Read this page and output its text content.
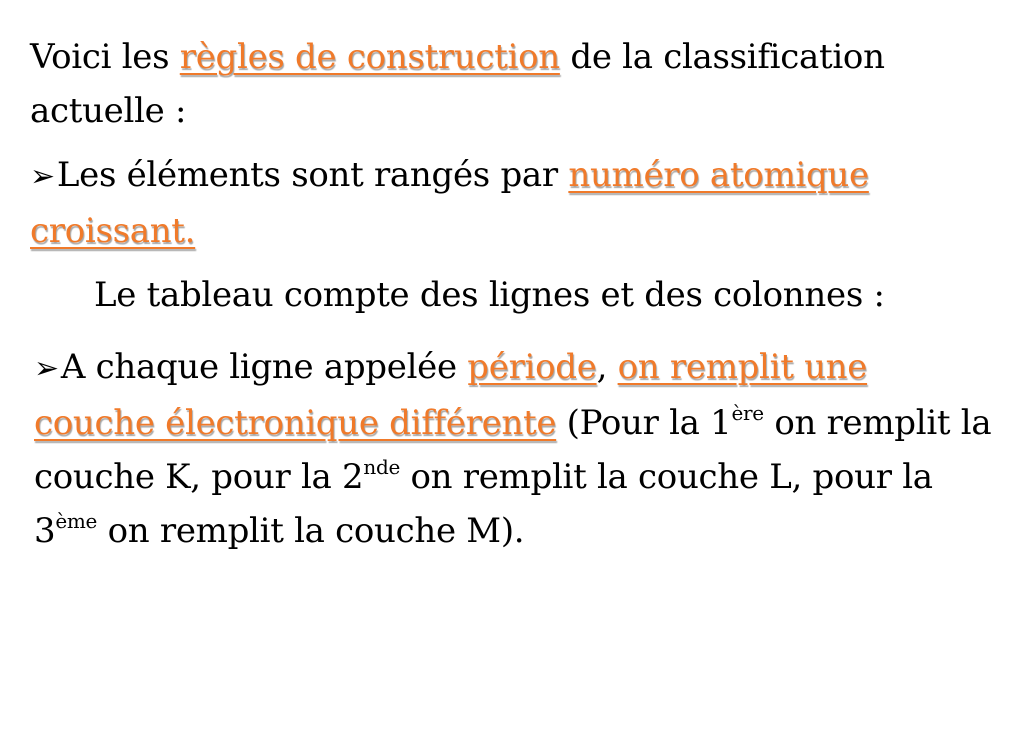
Voici les règles de construction de la classification actuelle :

➢Les éléments sont rangés par numéro atomique croissant.

Le tableau compte des lignes et des colonnes :

➢A chaque ligne appelée période, on remplit une couche électronique différente (Pour la 1ère on remplit la couche K, pour la 2nde on remplit la couche L, pour la 3ème on remplit la couche M).
